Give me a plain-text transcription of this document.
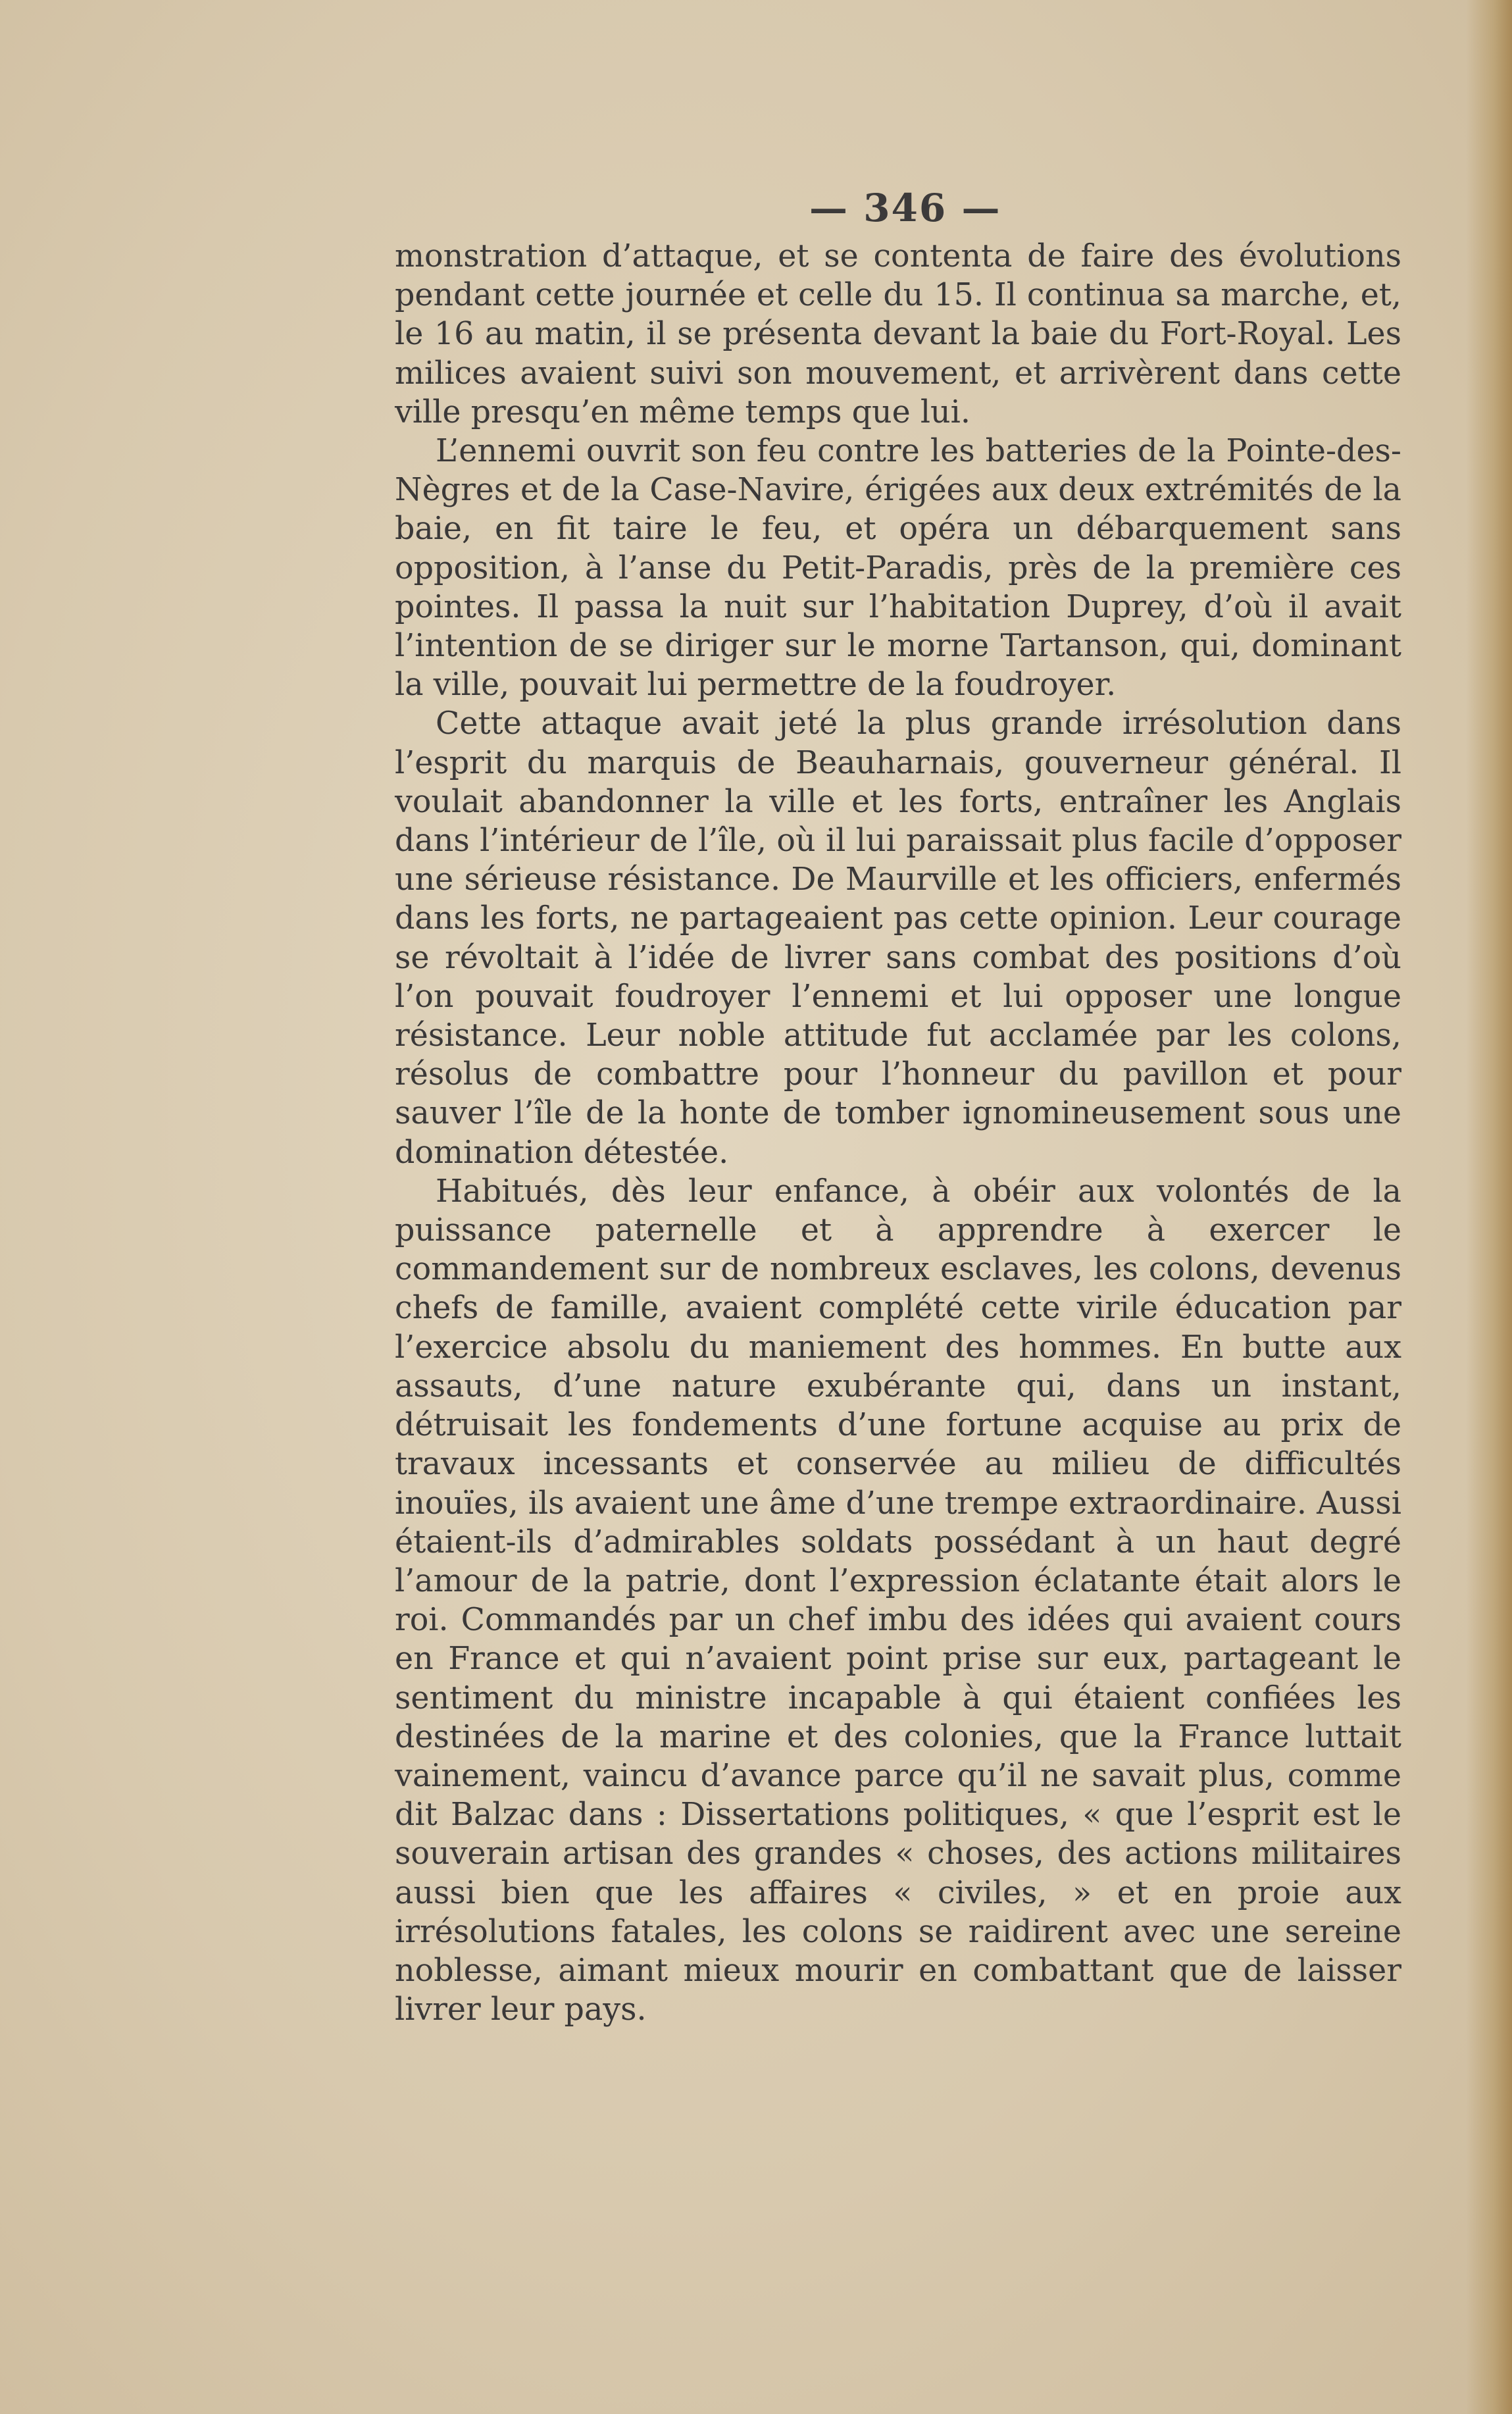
— 346 —

monstration d’attaque, et se contenta de faire des évolutions pendant cette journée et celle du 15. Il continua sa marche, et, le 16 au matin, il se présenta devant la baie du Fort-Royal. Les milices avaient suivi son mouvement, et arrivèrent dans cette ville presqu’en même temps que lui.

L’ennemi ouvrit son feu contre les batteries de la Pointe-des-Nègres et de la Case-Navire, érigées aux deux extrémités de la baie, en fit taire le feu, et opéra un débarquement sans opposition, à l’anse du Petit-Paradis, près de la première ces pointes. Il passa la nuit sur l’habitation Duprey, d’où il avait l’intention de se diriger sur le morne Tartanson, qui, dominant la ville, pouvait lui permettre de la foudroyer.

Cette attaque avait jeté la plus grande irrésolution dans l’esprit du marquis de Beauharnais, gouverneur général. Il voulait abandonner la ville et les forts, entraîner les Anglais dans l’intérieur de l’île, où il lui paraissait plus facile d’opposer une sérieuse résistance. De Maurville et les officiers, enfermés dans les forts, ne partageaient pas cette opinion. Leur courage se révoltait à l’idée de livrer sans combat des positions d’où l’on pouvait foudroyer l’ennemi et lui opposer une longue résistance. Leur noble attitude fut acclamée par les colons, résolus de combattre pour l’honneur du pavillon et pour sauver l’île de la honte de tomber ignomineusement sous une domination détestée.

Habitués, dès leur enfance, à obéir aux volontés de la puissance paternelle et à apprendre à exercer le commandement sur de nombreux esclaves, les colons, devenus chefs de famille, avaient complété cette virile éducation par l’exercice absolu du maniement des hommes. En butte aux assauts, d’une nature exubérante qui, dans un instant, détruisait les fondements d’une fortune acquise au prix de travaux incessants et conservée au milieu de difficultés inouïes, ils avaient une âme d’une trempe extraordinaire. Aussi étaient-ils d’admirables soldats possédant à un haut degré l’amour de la patrie, dont l’expression éclatante était alors le roi. Commandés par un chef imbu des idées qui avaient cours en France et qui n’avaient point prise sur eux, partageant le sentiment du ministre incapable à qui étaient confiées les destinées de la marine et des colonies, que la France luttait vainement, vaincu d’avance parce qu’il ne savait plus, comme dit Balzac dans : Dissertations politiques, « que l’esprit est le souverain artisan des grandes « choses, des actions militaires aussi bien que les affaires « civiles, » et en proie aux irrésolutions fatales, les colons se raidirent avec une sereine noblesse, aimant mieux mourir en combattant que de laisser livrer leur pays.
